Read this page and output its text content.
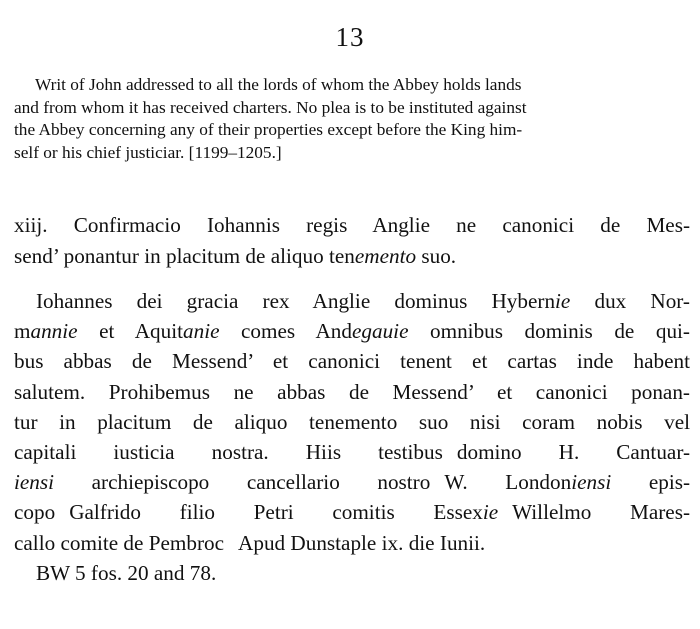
13
Writ of John addressed to all the lords of whom the Abbey holds lands
and from whom it has received charters. No plea is to be instituted against
the Abbey concerning any of their properties except before the King him-
self or his chief justiciar. [1199–1205.]
xiij. Confirmacio Iohannis regis Anglie ne canonici de Mes-
send’ ponantur in placitum de aliquo tenemento suo.
Iohannes dei gracia rex Anglie dominus Hybernie dux Nor-
mannie et Aquitanie comes Andegauie omnibus dominis de qui-
bus abbas de Messend’ et canonici tenent et cartas inde habent
salutem. Prohibemus ne abbas de Messend’ et canonici ponan-
tur in placitum de aliquo tenemento suo nisi coram nobis vel
capitali iusticia nostra. Hiis testibus domino H. Cantuar-
iensi archiepiscopo cancellario nostro W. Londoniensi epis-
copo Galfrido filio Petri comitis Essexie Willelmo Mares-
callo comite de Pembroc Apud Dunstaple ix. die Iunii.
BW 5 fos. 20 and 78.
